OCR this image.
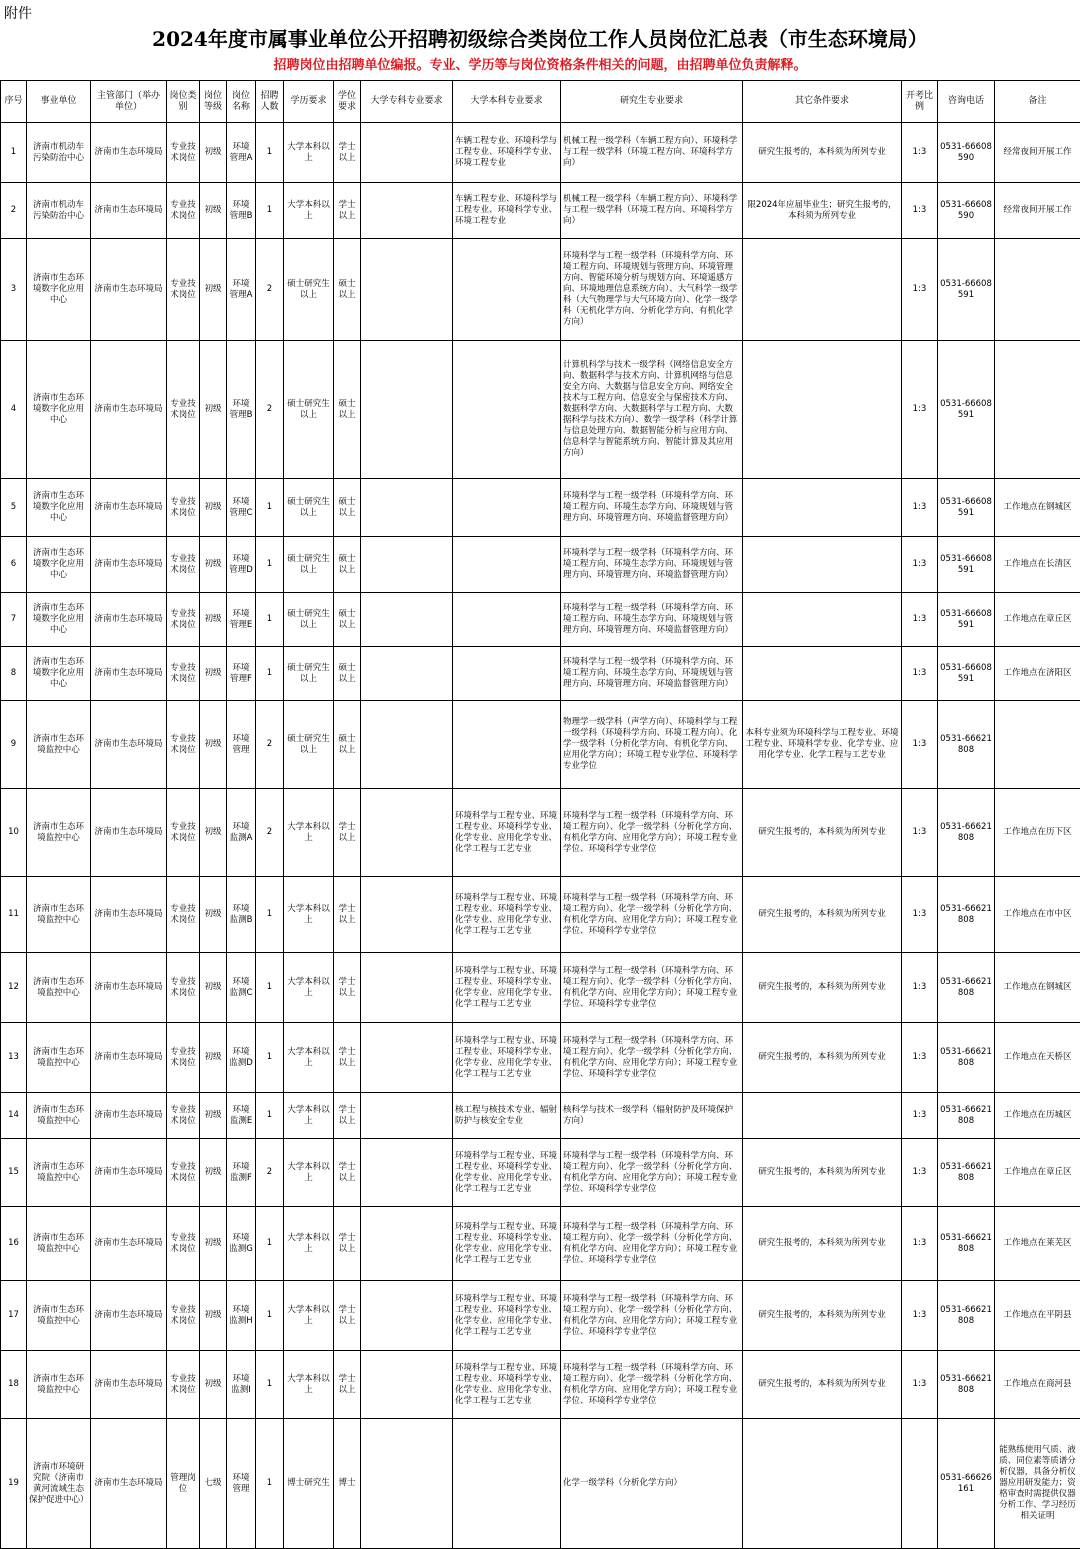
附件
2024年度市属事业单位公开招聘初级综合类岗位工作人员岗位汇总表（市生态环境局）
招聘岗位由招聘单位编报。专业、学历等与岗位资格条件相关的问题，由招聘单位负责解释。
序号	事业单位	主管部门（举办单位）	岗位类别	岗位等级	岗位名称	招聘人数	学历要求	学位要求	大学专科专业要求	大学本科专业要求	研究生专业要求	其它条件要求	开考比例	咨询电话	备注
1	济南市机动车污染防治中心	济南市生态环境局	专业技术岗位	初级	环境管理A	1	大学本科以上	学士以上		车辆工程专业、环境科学与工程专业、环境科学专业、环境工程专业	机械工程一级学科（车辆工程方向）、环境科学与工程一级学科（环境工程方向、环境科学方向）	研究生报考的，本科须为所列专业	1:3	0531-66608590	经常夜间开展工作
2	济南市机动车污染防治中心	济南市生态环境局	专业技术岗位	初级	环境管理B	1	大学本科以上	学士以上		车辆工程专业、环境科学与工程专业、环境科学专业、环境工程专业	机械工程一级学科（车辆工程方向）、环境科学与工程一级学科（环境工程方向、环境科学方向）	限2024年应届毕业生；研究生报考的，本科须为所列专业	1:3	0531-66608590	经常夜间开展工作
3	济南市生态环境数字化应用中心	济南市生态环境局	专业技术岗位	初级	环境管理A	2	硕士研究生以上	硕士以上			环境科学与工程一级学科（环境科学方向、环境工程方向、环境规划与管理方向、环境管理方向、智能环境分析与规划方向、环境遥感方向、环境地理信息系统方向）、大气科学一级学科（大气物理学与大气环境方向）、化学一级学科（无机化学方向、分析化学方向、有机化学方向）		1:3	0531-66608591	
4	济南市生态环境数字化应用中心	济南市生态环境局	专业技术岗位	初级	环境管理B	2	硕士研究生以上	硕士以上			计算机科学与技术一级学科（网络信息安全方向、数据科学与技术方向、计算机网络与信息安全方向、大数据与信息安全方向、网络安全技术与工程方向、信息安全与保密技术方向、数据科学方向、大数据科学与工程方向、大数据科学与技术方向）、数学一级学科（科学计算与信息处理方向、数据智能分析与应用方向、信息科学与智能系统方向、智能计算及其应用方向）		1:3	0531-66608591	
5	济南市生态环境数字化应用中心	济南市生态环境局	专业技术岗位	初级	环境管理C	1	硕士研究生以上	硕士以上			环境科学与工程一级学科（环境科学方向、环境工程方向、环境生态学方向、环境规划与管理方向、环境管理方向、环境监督管理方向）		1:3	0531-66608591	工作地点在钢城区
6	济南市生态环境数字化应用中心	济南市生态环境局	专业技术岗位	初级	环境管理D	1	硕士研究生以上	硕士以上			环境科学与工程一级学科（环境科学方向、环境工程方向、环境生态学方向、环境规划与管理方向、环境管理方向、环境监督管理方向）		1:3	0531-66608591	工作地点在长清区
7	济南市生态环境数字化应用中心	济南市生态环境局	专业技术岗位	初级	环境管理E	1	硕士研究生以上	硕士以上			环境科学与工程一级学科（环境科学方向、环境工程方向、环境生态学方向、环境规划与管理方向、环境管理方向、环境监督管理方向）		1:3	0531-66608591	工作地点在章丘区
8	济南市生态环境数字化应用中心	济南市生态环境局	专业技术岗位	初级	环境管理F	1	硕士研究生以上	硕士以上			环境科学与工程一级学科（环境科学方向、环境工程方向、环境生态学方向、环境规划与管理方向、环境管理方向、环境监督管理方向）		1:3	0531-66608591	工作地点在济阳区
9	济南市生态环境监控中心	济南市生态环境局	专业技术岗位	初级	环境管理	2	硕士研究生以上	硕士以上			物理学一级学科（声学方向）、环境科学与工程一级学科（环境科学方向、环境工程方向）、化学一级学科（分析化学方向、有机化学方向、应用化学方向）；环境工程专业学位、环境科学专业学位	本科专业须为环境科学与工程专业、环境工程专业、环境科学专业、化学专业、应用化学专业、化学工程与工艺专业	1:3	0531-66621808	
10	济南市生态环境监控中心	济南市生态环境局	专业技术岗位	初级	环境监测A	2	大学本科以上	学士以上		环境科学与工程专业、环境工程专业、环境科学专业、化学专业、应用化学专业、化学工程与工艺专业	环境科学与工程一级学科（环境科学方向、环境工程方向）、化学一级学科（分析化学方向、有机化学方向、应用化学方向）；环境工程专业学位、环境科学专业学位	研究生报考的，本科须为所列专业	1:3	0531-66621808	工作地点在历下区
11	济南市生态环境监控中心	济南市生态环境局	专业技术岗位	初级	环境监测B	1	大学本科以上	学士以上		环境科学与工程专业、环境工程专业、环境科学专业、化学专业、应用化学专业、化学工程与工艺专业	环境科学与工程一级学科（环境科学方向、环境工程方向）、化学一级学科（分析化学方向、有机化学方向、应用化学方向）；环境工程专业学位、环境科学专业学位	研究生报考的，本科须为所列专业	1:3	0531-66621808	工作地点在市中区
12	济南市生态环境监控中心	济南市生态环境局	专业技术岗位	初级	环境监测C	1	大学本科以上	学士以上		环境科学与工程专业、环境工程专业、环境科学专业、化学专业、应用化学专业、化学工程与工艺专业	环境科学与工程一级学科（环境科学方向、环境工程方向）、化学一级学科（分析化学方向、有机化学方向、应用化学方向）；环境工程专业学位、环境科学专业学位	研究生报考的，本科须为所列专业	1:3	0531-66621808	工作地点在钢城区
13	济南市生态环境监控中心	济南市生态环境局	专业技术岗位	初级	环境监测D	1	大学本科以上	学士以上		环境科学与工程专业、环境工程专业、环境科学专业、化学专业、应用化学专业、化学工程与工艺专业	环境科学与工程一级学科（环境科学方向、环境工程方向）、化学一级学科（分析化学方向、有机化学方向、应用化学方向）；环境工程专业学位、环境科学专业学位	研究生报考的，本科须为所列专业	1:3	0531-66621808	工作地点在天桥区
14	济南市生态环境监控中心	济南市生态环境局	专业技术岗位	初级	环境监测E	1	大学本科以上	学士以上		核工程与核技术专业、辐射防护与核安全专业	核科学与技术一级学科（辐射防护及环境保护方向）		1:3	0531-66621808	工作地点在历城区
15	济南市生态环境监控中心	济南市生态环境局	专业技术岗位	初级	环境监测F	2	大学本科以上	学士以上		环境科学与工程专业、环境工程专业、环境科学专业、化学专业、应用化学专业、化学工程与工艺专业	环境科学与工程一级学科（环境科学方向、环境工程方向）、化学一级学科（分析化学方向、有机化学方向、应用化学方向）；环境工程专业学位、环境科学专业学位	研究生报考的，本科须为所列专业	1:3	0531-66621808	工作地点在章丘区
16	济南市生态环境监控中心	济南市生态环境局	专业技术岗位	初级	环境监测G	1	大学本科以上	学士以上		环境科学与工程专业、环境工程专业、环境科学专业、化学专业、应用化学专业、化学工程与工艺专业	环境科学与工程一级学科（环境科学方向、环境工程方向）、化学一级学科（分析化学方向、有机化学方向、应用化学方向）；环境工程专业学位、环境科学专业学位	研究生报考的，本科须为所列专业	1:3	0531-66621808	工作地点在莱芜区
17	济南市生态环境监控中心	济南市生态环境局	专业技术岗位	初级	环境监测H	1	大学本科以上	学士以上		环境科学与工程专业、环境工程专业、环境科学专业、化学专业、应用化学专业、化学工程与工艺专业	环境科学与工程一级学科（环境科学方向、环境工程方向）、化学一级学科（分析化学方向、有机化学方向、应用化学方向）；环境工程专业学位、环境科学专业学位	研究生报考的，本科须为所列专业	1:3	0531-66621808	工作地点在平阴县
18	济南市生态环境监控中心	济南市生态环境局	专业技术岗位	初级	环境监测I	1	大学本科以上	学士以上		环境科学与工程专业、环境工程专业、环境科学专业、化学专业、应用化学专业、化学工程与工艺专业	环境科学与工程一级学科（环境科学方向、环境工程方向）、化学一级学科（分析化学方向、有机化学方向、应用化学方向）；环境工程专业学位、环境科学专业学位	研究生报考的，本科须为所列专业	1:3	0531-66621808	工作地点在商河县
19	济南市环境研究院（济南市黄河流域生态保护促进中心）	济南市生态环境局	管理岗位	七级	环境管理	1	博士研究生	博士			化学一级学科（分析化学方向）			0531-66626161	能熟练使用气质、液质、同位素等质谱分析仪器，具备分析仪器应用研发能力；资格审查时需提供仪器分析工作、学习经历相关证明
